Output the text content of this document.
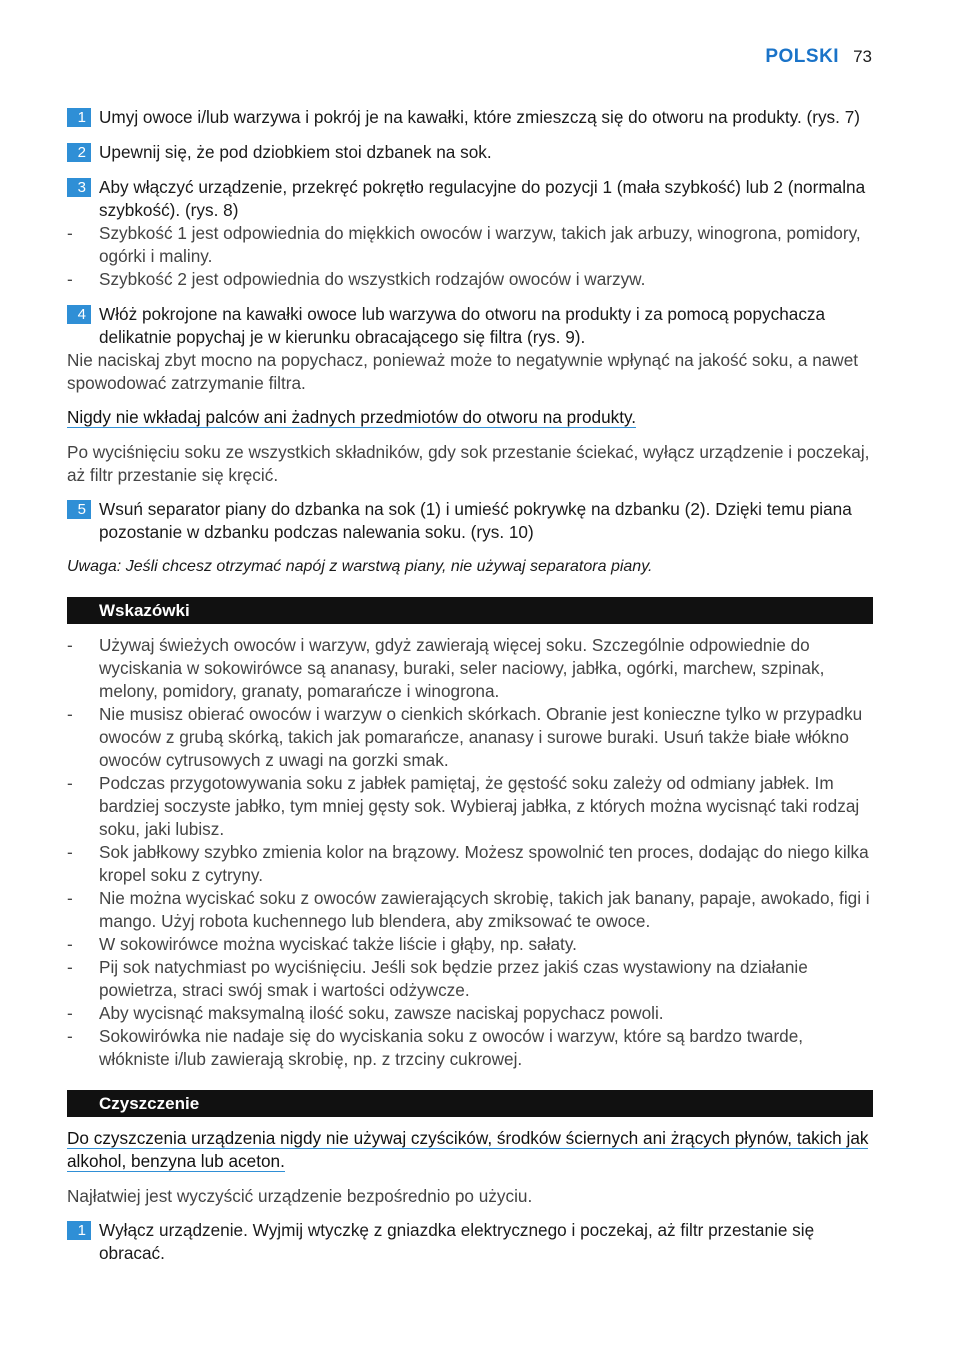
POLSKI 73
1 Umyj owoce i/lub warzywa i pokrój je na kawałki, które zmieszczą się do otworu na produkty. (rys. 7)
2 Upewnij się, że pod dziobkiem stoi dzbanek na sok.
3 Aby włączyć urządzenie, przekręć pokrętło regulacyjne do pozycji 1 (mała szybkość) lub 2 (normalna szybkość). (rys. 8)
-	Szybkość 1 jest odpowiednia do miękkich owoców i warzyw, takich jak arbuzy, winogrona, pomidory, ogórki i maliny.
-	Szybkość 2 jest odpowiednia do wszystkich rodzajów owoców i warzyw.
4 Włóż pokrojone na kawałki owoce lub warzywa do otworu na produkty i za pomocą popychacza delikatnie popychaj je w kierunku obracającego się filtra (rys. 9).
Nie naciskaj zbyt mocno na popychacz, ponieważ może to negatywnie wpłynąć na jakość soku, a nawet spowodować zatrzymanie filtra.
Nigdy nie wkładaj palców ani żadnych przedmiotów do otworu na produkty.
Po wyciśnięciu soku ze wszystkich składników, gdy sok przestanie ściekać, wyłącz urządzenie i poczekaj, aż filtr przestanie się kręcić.
5 Wsuń separator piany do dzbanka na sok (1) i umieść pokrywkę na dzbanku (2). Dzięki temu piana pozostanie w dzbanku podczas nalewania soku. (rys. 10)
Uwaga: Jeśli chcesz otrzymać napój z warstwą piany, nie używaj separatora piany.
Wskazówki
-	Używaj świeżych owoców i warzyw, gdyż zawierają więcej soku. Szczególnie odpowiednie do wyciskania w sokowirówce są ananasy, buraki, seler naciowy, jabłka, ogórki, marchew, szpinak, melony, pomidory, granaty, pomarańcze i winogrona.
-	Nie musisz obierać owoców i warzyw o cienkich skórkach. Obranie jest konieczne tylko w przypadku owoców z grubą skórką, takich jak pomarańcze, ananasy i surowe buraki. Usuń także białe włókno owoców cytrusowych z uwagi na gorzki smak.
-	Podczas przygotowywania soku z jabłek pamiętaj, że gęstość soku zależy od odmiany jabłek. Im bardziej soczyste jabłko, tym mniej gęsty sok. Wybieraj jabłka, z których można wycisnąć taki rodzaj soku, jaki lubisz.
-	Sok jabłkowy szybko zmienia kolor na brązowy. Możesz spowolnić ten proces, dodając do niego kilka kropel soku z cytryny.
-	Nie można wyciskać soku z owoców zawierających skrobię, takich jak banany, papaje, awokado, figi i mango. Użyj robota kuchennego lub blendera, aby zmiksować te owoce.
-	W sokowirówce można wyciskać także liście i głąby, np. sałaty.
-	Pij sok natychmiast po wyciśnięciu. Jeśli sok będzie przez jakiś czas wystawiony na działanie powietrza, straci swój smak i wartości odżywcze.
-	Aby wycisnąć maksymalną ilość soku, zawsze naciskaj popychacz powoli.
-	Sokowirówka nie nadaje się do wyciskania soku z owoców i warzyw, które są bardzo twarde, włókniste i/lub zawierają skrobię, np. z trzciny cukrowej.
Czyszczenie
Do czyszczenia urządzenia nigdy nie używaj czyścików, środków ściernych ani żrących płynów, takich jak alkohol, benzyna lub aceton.
Najłatwiej jest wyczyścić urządzenie bezpośrednio po użyciu.
1 Wyłącz urządzenie. Wyjmij wtyczkę z gniazdka elektrycznego i poczekaj, aż filtr przestanie się obracać.
